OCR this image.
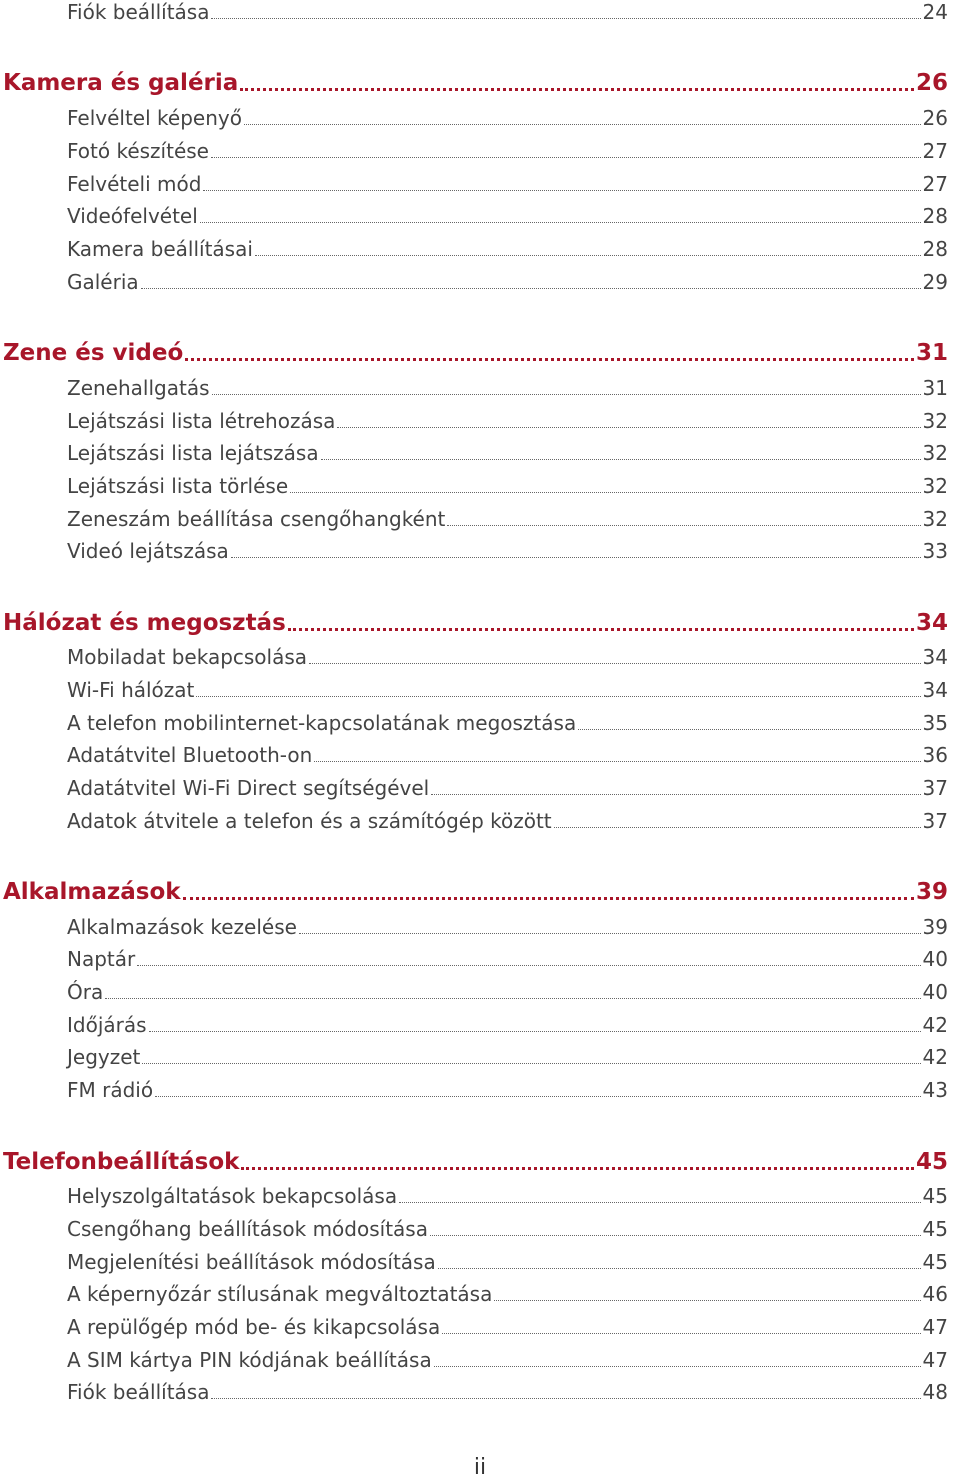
Fiók beállítása	24
Kamera és galéria	26
Felvéltel képenyő	26
Fotó készítése	27
Felvételi mód	27
Videófelvétel	28
Kamera beállításai	28
Galéria	29
Zene és videó	31
Zenehallgatás	31
Lejátszási lista létrehozása	32
Lejátszási lista lejátszása	32
Lejátszási lista törlése	32
Zeneszám beállítása csengőhangként	32
Videó lejátszása	33
Hálózat és megosztás	34
Mobiladat bekapcsolása	34
Wi-Fi hálózat	34
A telefon mobilinternet-kapcsolatának megosztása	35
Adatátvitel Bluetooth-on	36
Adatátvitel Wi-Fi Direct segítségével	37
Adatok átvitele a telefon és a számítógép között	37
Alkalmazások	39
Alkalmazások kezelése	39
Naptár	40
Óra	40
Időjárás	42
Jegyzet	42
FM rádió	43
Telefonbeállítások	45
Helyszolgáltatások bekapcsolása	45
Csengőhang beállítások módosítása	45
Megjelenítési beállítások módosítása	45
A képernyőzár stílusának megváltoztatása	46
A repülőgép mód be- és kikapcsolása	47
A SIM kártya PIN kódjának beállítása	47
Fiók beállítása	48
ii
